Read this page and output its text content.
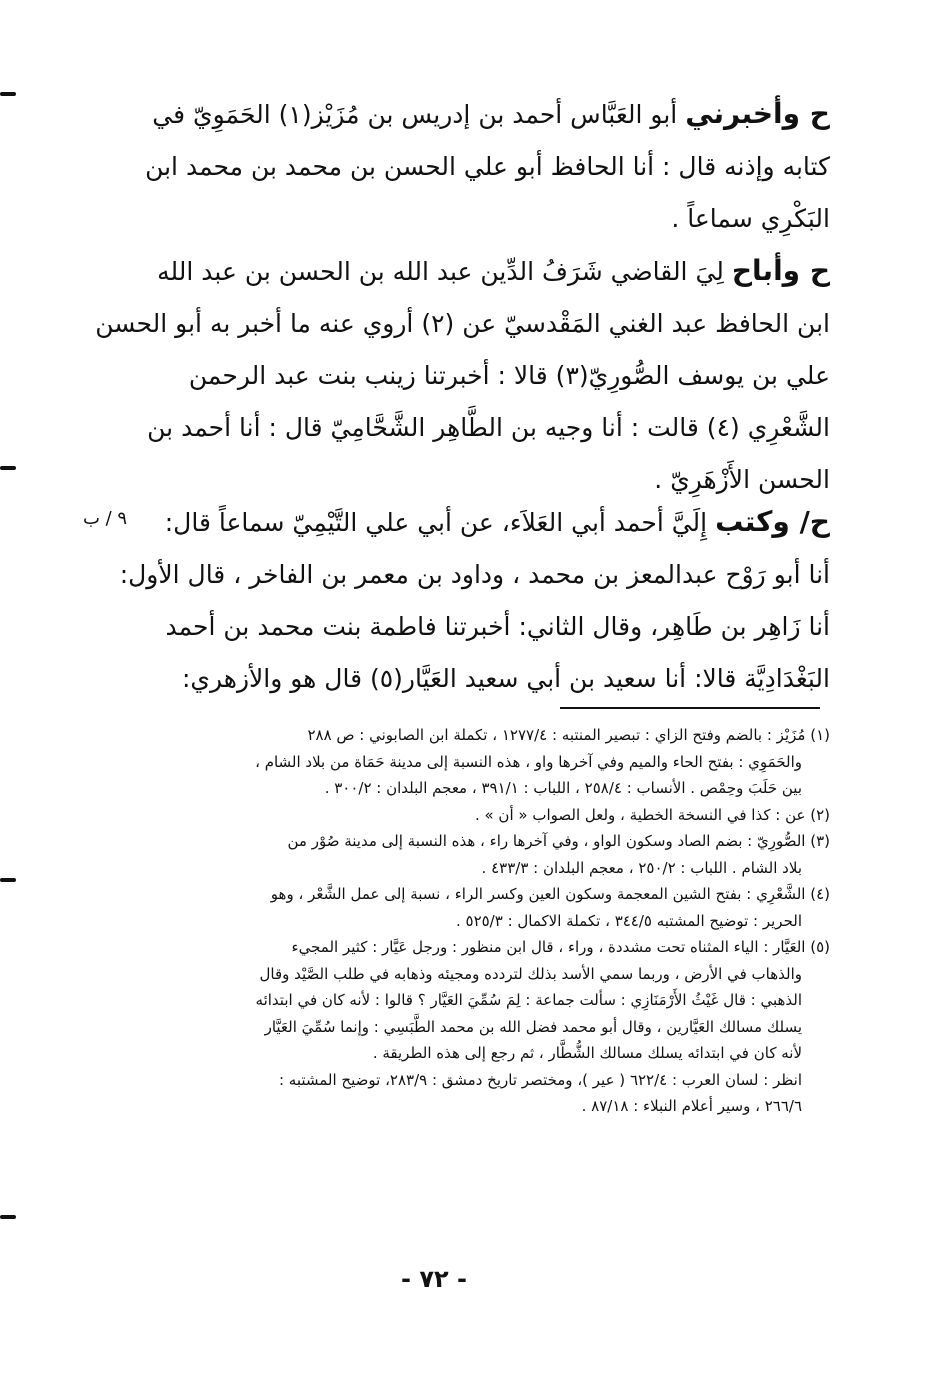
ح وأخبرني أبو العَبَّاس أحمد بن إدريس بن مُزَيْز(١) الحَمَوِيّ في
كتابه وإذنه قال : أنا الحافظ أبو علي الحسن بن محمد بن محمد ابن
البَكْرِي سماعاً .
ح وأباح لِيَ القاضي شَرَفُ الدِّين عبد الله بن الحسن بن عبد الله
ابن الحافظ عبد الغني المَقْدسيّ عن (٢) أروي عنه ما أخبر به أبو الحسن
علي بن يوسف الصُّورِيّ(٣) قالا : أخبرتنا زينب بنت عبد الرحمن
الشَّعْرِي (٤) قالت : أنا وجيه بن الطَّاهِر الشَّحَّامِيّ قال : أنا أحمد بن
الحسن الأَزْهَرِيّ .
٩ / ب	ح/ وكتب إِلَيَّ أحمد أبي العَلاَء، عن أبي علي التَّيْمِيّ سماعاً قال:
أنا أبو رَوْح عبدالمعز بن محمد ، وداود بن معمر بن الفاخر ، قال الأول:
أنا زَاهِر بن طَاهِر، وقال الثاني: أخبرتنا فاطمة بنت محمد بن أحمد
البَغْدَادِيَّة قالا: أنا سعيد بن أبي سعيد العَيَّار(٥) قال هو والأزهري:
(١) مُزَيْز : بالضم وفتح الزاي : تبصير المنتبه : ١٢٧٧/٤ ، تكملة ابن الصابوني : ص ٢٨٨
والحَمَوِي : بفتح الحاء والميم وفي آخرها واو ، هذه النسبة إلى مدينة حَمَاة من بلاد الشام ،
بين حَلَبَ وحِمْص . الأنساب : ٢٥٨/٤ ، اللباب : ٣٩١/١ ، معجم البلدان : ٣٠٠/٢ .
(٢) عن : كذا في النسخة الخطية ، ولعل الصواب « أن » .
(٣) الصُّورِيّ : بضم الصاد وسكون الواو ، وفي آخرها راء ، هذه النسبة إلى مدينة صُوْر من
بلاد الشام . اللباب : ٢٥٠/٢ ، معجم البلدان : ٤٣٣/٣ .
(٤) الشَّعْرِي : بفتح الشين المعجمة وسكون العين وكسر الراء ، نسبة إلى عمل الشَّعْر ، وهو
الحرير : توضيح المشتبه ٣٤٤/٥ ، تكملة الاكمال : ٥٢٥/٣ .
(٥) العَيَّار : الياء المثناه تحت مشددة ، وراء ، قال ابن منظور : ورجل عَيَّار : كثير المجيء
والذهاب في الأرض ، وربما سمي الأسد بذلك لتردده ومجيئه وذهابه في طلب الصَّيْد وقال
الذهبي : قال غَيْثُ الأَرْمَنَازِي : سألت جماعة : لِمَ سُمِّيَ العَيَّار ؟ قالوا : لأنه كان في ابتدائه
يسلك مسالك العَيَّارين ، وقال أبو محمد فضل الله بن محمد الطَّبَسِي : وإنما سُمِّيَ العَيَّار
لأنه كان في ابتدائه يسلك مسالك الشُّطَّار ، ثم رجع إلى هذه الطريقة .
انظر : لسان العرب : ٦٢٢/٤ ( عير )، ومختصر تاريخ دمشق : ٢٨٣/٩، توضيح المشتبه :
٢٦٦/٦ ، وسير أعلام النبلاء : ٨٧/١٨ .
- ٧٢ -
